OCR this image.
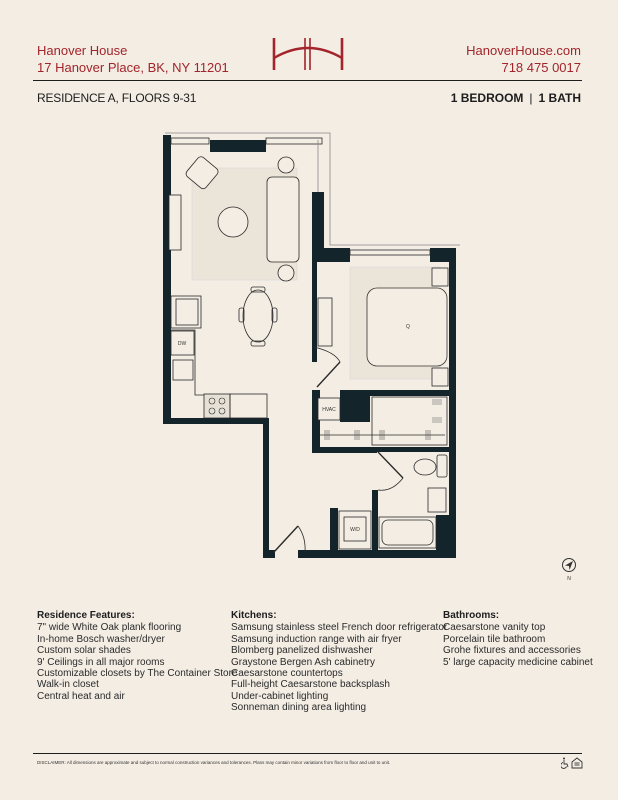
Hanover House
17 Hanover Place, BK, NY 11201
HanoverHouse.com
718 475 0017
RESIDENCE A, FLOORS 9-31	1 BEDROOM | 1 BATH
DW
HVAC
Q
W/D
N
Residence Features:
7" wide White Oak plank flooring
In-home Bosch washer/dryer
Custom solar shades
9' Ceilings in all major rooms
Customizable closets by The Container Store
Walk-in closet
Central heat and air
Kitchens:
Samsung stainless steel French door refrigerator
Samsung induction range with air fryer
Blomberg panelized dishwasher
Graystone Bergen Ash cabinetry
Caesarstone countertops
Full-height Caesarstone backsplash
Under-cabinet lighting
Sonneman dining area lighting
Bathrooms:
Caesarstone vanity top
Porcelain tile bathroom
Grohe fixtures and accessories
5' large capacity medicine cabinet
DISCLAIMER: All dimensions are approximate and subject to normal construction variances and tolerances. Plans may contain minor variations from floor to floor and unit to unit.
